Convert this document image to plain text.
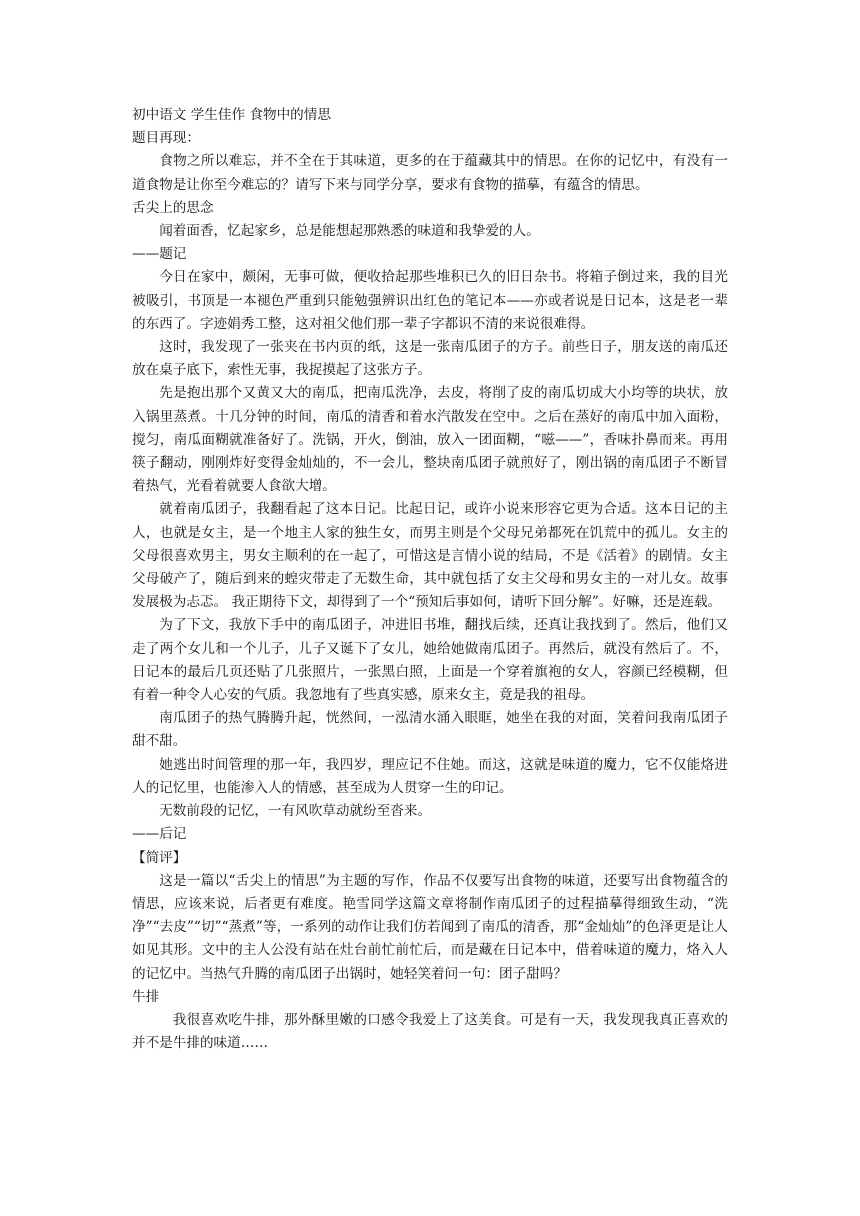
初中语文 学生佳作 食物中的情思

题目再现：

食物之所以难忘，并不全在于其味道，更多的在于蕴藏其中的情思。在你的记忆中，有没有一道食物是让你至今难忘的？请写下来与同学分享，要求有食物的描摹，有蕴含的情思。

舌尖上的思念

闻着面香，忆起家乡，总是能想起那熟悉的味道和我挚爱的人。

——题记

今日在家中，颇闲，无事可做，便收拾起那些堆积已久的旧日杂书。将箱子倒过来，我的目光被吸引，书顶是一本褪色严重到只能勉强辨识出红色的笔记本——亦或者说是日记本，这是老一辈的东西了。字迹娟秀工整，这对祖父他们那一辈子字都识不清的来说很难得。

这时，我发现了一张夹在书内页的纸，这是一张南瓜团子的方子。前些日子，朋友送的南瓜还放在桌子底下，索性无事，我捉摸起了这张方子。

先是抱出那个又黄又大的南瓜，把南瓜洗净，去皮，将削了皮的南瓜切成大小均等的块状，放入锅里蒸煮。十几分钟的时间，南瓜的清香和着水汽散发在空中。之后在蒸好的南瓜中加入面粉，搅匀，南瓜面糊就准备好了。洗锅，开火，倒油，放入一团面糊，“嗞——”，香味扑鼻而来。再用筷子翻动，刚刚炸好变得金灿灿的，不一会儿，整块南瓜团子就煎好了，刚出锅的南瓜团子不断冒着热气，光看着就要人食欲大增。

就着南瓜团子，我翻看起了这本日记。比起日记，或许小说来形容它更为合适。这本日记的主人，也就是女主，是一个地主人家的独生女，而男主则是个父母兄弟都死在饥荒中的孤儿。女主的父母很喜欢男主，男女主顺利的在一起了，可惜这是言情小说的结局，不是《活着》的剧情。女主父母破产了，随后到来的蝗灾带走了无数生命，其中就包括了女主父母和男女主的一对儿女。故事发展极为忐忑。 我正期待下文，却得到了一个“预知后事如何，请听下回分解”。好嘛，还是连载。

为了下文，我放下手中的南瓜团子，冲进旧书堆，翻找后续，还真让我找到了。然后，他们又走了两个女儿和一个儿子，儿子又诞下了女儿，她给她做南瓜团子。再然后，就没有然后了。不，日记本的最后几页还贴了几张照片，一张黑白照，上面是一个穿着旗袍的女人，容颜已经模糊，但有着一种令人心安的气质。我忽地有了些真实感，原来女主，竟是我的祖母。

南瓜团子的热气腾腾升起，恍然间，一泓清水涌入眼眶，她坐在我的对面，笑着问我南瓜团子甜不甜。

她逃出时间管理的那一年，我四岁，理应记不住她。而这，这就是味道的魔力，它不仅能烙进人的记忆里，也能渗入人的情感，甚至成为人贯穿一生的印记。

无数前段的记忆，一有风吹草动就纷至沓来。

——后记

【简评】

这是一篇以“舌尖上的情思”为主题的写作，作品不仅要写出食物的味道，还要写出食物蕴含的情思，应该来说，后者更有难度。艳雪同学这篇文章将制作南瓜团子的过程描摹得细致生动，“洗净”“去皮”“切”“蒸煮”等，一系列的动作让我们仿若闻到了南瓜的清香，那“金灿灿”的色泽更是让人如见其形。文中的主人公没有站在灶台前忙前忙后，而是藏在日记本中，借着味道的魔力，烙入人的记忆中。当热气升腾的南瓜团子出锅时，她轻笑着问一句：团子甜吗？

牛排

我很喜欢吃牛排，那外酥里嫩的口感令我爱上了这美食。可是有一天，我发现我真正喜欢的并不是牛排的味道……
